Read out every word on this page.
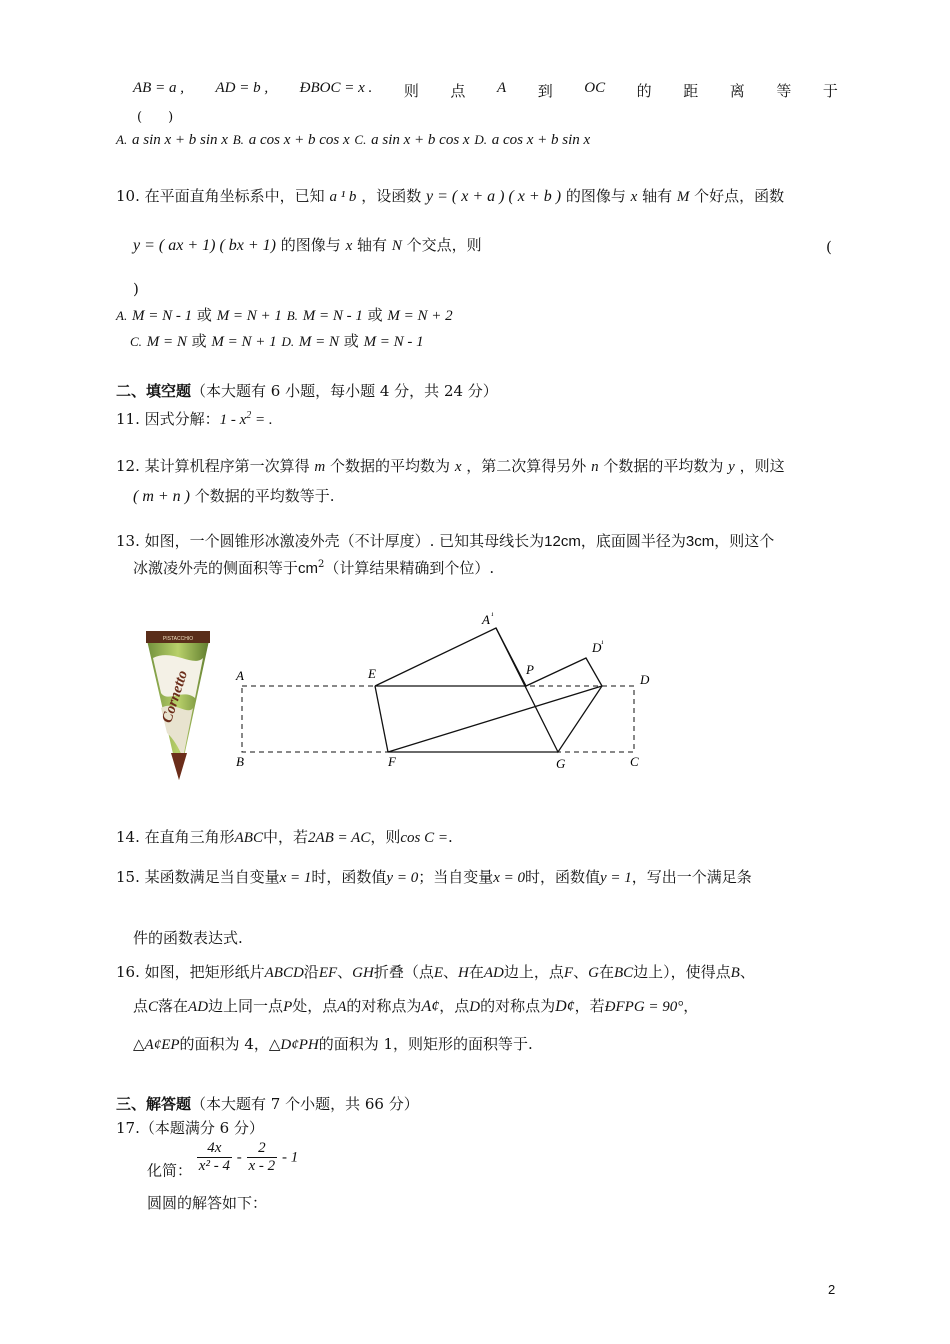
AB = a , AD = b , ÐBOC = x . 则 点 A 到 OC 的 距 离 等 于
(　　)
A. a sin x + b sin x B. a cos x + b cos x C. a sin x + b cos x D. a cos x + b sin x
10. 在平面直角坐标系中，已知 a ¹ b ，设函数 y = ( x + a ) ( x + b ) 的图像与 x 轴有 M 个好点，函数
y = ( ax + 1) ( bx + 1) 的图像与 x 轴有 N 个交点，则	(
)
A. M = N - 1 或 M = N + 1 B. M = N - 1 或 M = N + 2
C. M = N 或 M = N + 1 D. M = N 或 M = N - 1
二、填空题（本大题有 6 小题，每小题 4 分，共 24 分）
11. 因式分解：$1 - x^2$ = .
12. 某计算机程序第一次算得 m 个数据的平均数为 x ，第二次算得另外 n 个数据的平均数为 y ，则这
( m + n ) 个数据的平均数等于.
13. 如图，一个圆锥形冰激凌外壳（不计厚度）. 已知其母线长为12cm，底面圆半径为3cm，则这个
冰激凌外壳的侧面积等于$cm^2$（计算结果精确到个位）.
PISTACCHIO
Cornetto	A
B	C
D
E
F	G
P
A ¹
D ¹
14. 在直角三角形ABC中，若2AB = AC，则cos C =.
15. 某函数满足当自变量x = 1时，函数值y = 0；当自变量x = 0时，函数值y = 1，写出一个满足条
件的函数表达式.
16. 如图，把矩形纸片ABCD沿EF、GH折叠（点E、H在AD边上，点F、G在BC边上），使得点B、
点C落在AD边上同一点P处，点A的对称点为A¢，点D的对称点为D¢，若ÐFPG = 90°，
△A¢EP的面积为 4，△D¢PH的面积为 1，则矩形的面积等于.
三、解答题（本大题有 7 个小题，共 66 分）
17.（本题满分 6 分）
化简： $\frac{4x}{\text{x² - 4}} - \frac{2}{x - 2} - 1$
圆圆的解答如下：
2
